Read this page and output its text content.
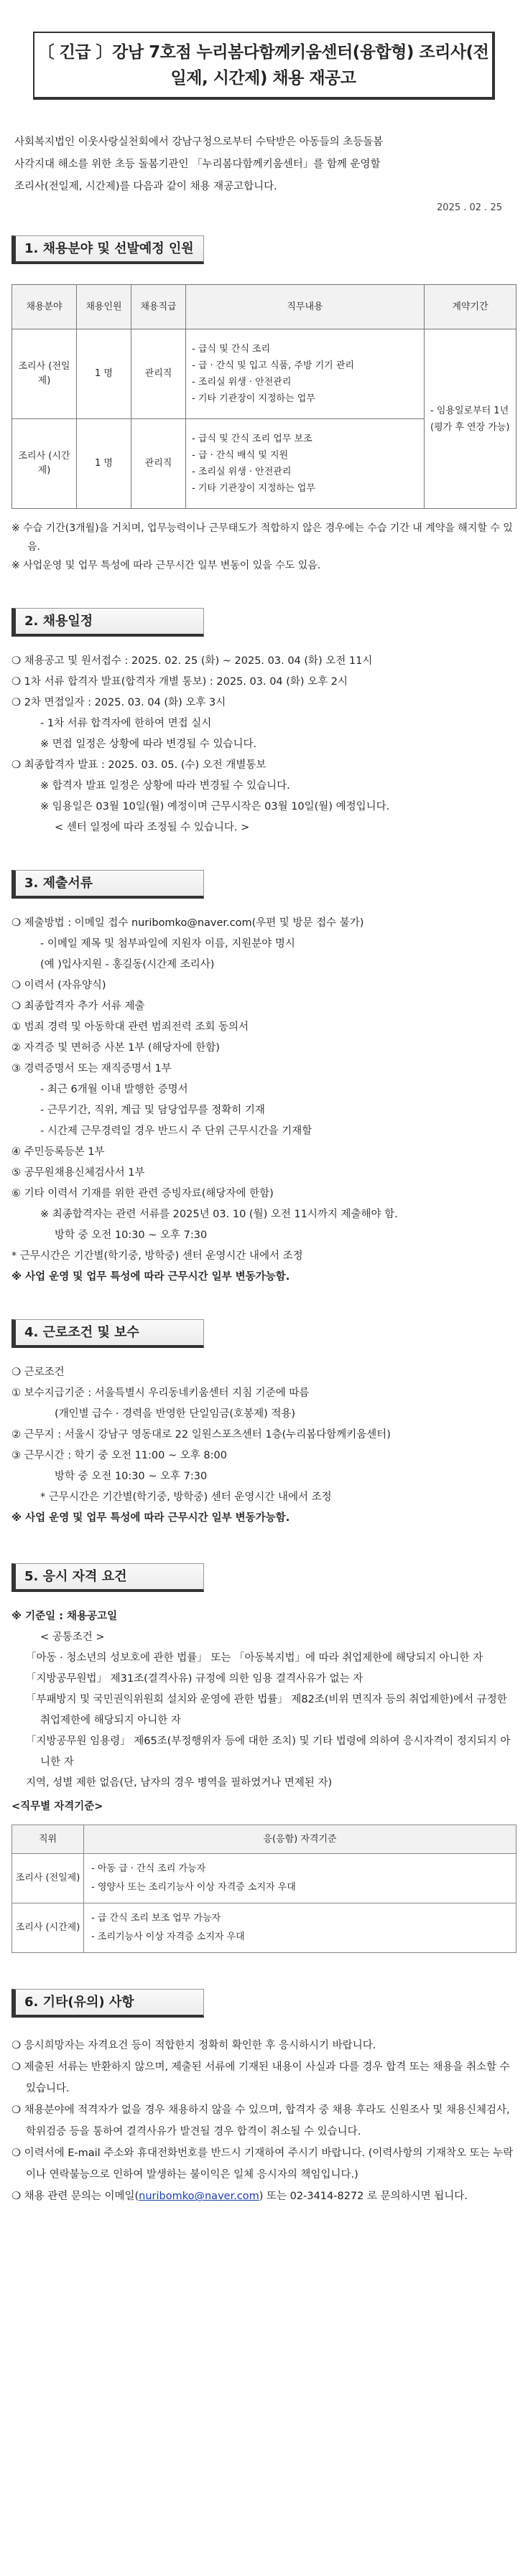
〔 긴급 〕강남 7호점 누리봄다함께키움센터(융합형) 조리사(전일제, 시간제) 채용 재공고
사회복지법인 이웃사랑실천회에서 강남구청으로부터 수탁받은 아동들의 초등돌봄
사각지대 해소를 위한 초등 돌봄기관인 「누리봄다함께키움센터」를 함께 운영할
조리사(전일제, 시간제)를 다음과 같이 채용 재공고합니다.
2025 . 02 . 25
1. 채용분야 및 선발예정 인원
채용분야	채용인원	채용직급	직무내용	계약기간
조리사 (전일제)	1 명	관리직	- 급식 및 간식 조리
- 급 · 간식 및 입고 식품, 주방 기기 관리
- 조리실 위생 · 안전관리
- 기타 기관장이 지정하는 업무	- 임용일로부터 1년 (평가 후 연장 가능)
조리사 (시간제)	1 명	관리직	- 급식 및 간식 조리 업무 보조
- 급 · 간식 배식 및 지원
- 조리실 위생 · 안전관리
- 기타 기관장이 지정하는 업무	
※ 수습 기간(3개월)을 거치며, 업무능력이나 근무태도가 적합하지 않은 경우에는 수습 기간 내 계약을 해지할 수 있음.
※ 사업운영 및 업무 특성에 따라 근무시간 일부 변동이 있을 수도 있음.
2. 채용일정
❍ 채용공고 및 원서접수 : 2025. 02. 25 (화) ~ 2025. 03. 04 (화) 오전 11시
❍ 1차 서류 합격자 발표(합격자 개별 통보) : 2025. 03. 04 (화) 오후 2시
❍ 2차 면접일자 : 2025. 03. 04 (화) 오후 3시
- 1차 서류 합격자에 한하여 면접 실시
※ 면접 일정은 상황에 따라 변경될 수 있습니다.
❍ 최종합격자 발표 : 2025. 03. 05. (수) 오전 개별통보
※ 합격자 발표 일정은 상황에 따라 변경될 수 있습니다.
※ 임용일은 03월 10일(월) 예정이며 근무시작은 03월 10일(월) 예정입니다.
< 센터 일정에 따라 조정될 수 있습니다. >
3. 제출서류
❍ 제출방법 : 이메일 접수 nuribomko@naver.com(우편 및 방문 접수 불가)
- 이메일 제목 및 첨부파일에 지원자 이름, 지원분야 명시
(예 )입사지원 - 홍길동(시간제 조리사)
❍ 이력서 (자유양식)
❍ 최종합격자 추가 서류 제출
① 범죄 경력 및 아동학대 관련 범죄전력 조회 동의서
② 자격증 및 면허증 사본 1부 (해당자에 한함)
③ 경력증명서 또는 재직증명서 1부
- 최근 6개월 이내 발행한 증명서
- 근무기간, 직위, 계급 및 담당업무를 정확히 기재
- 시간제 근무경력일 경우 반드시 주 단위 근무시간을 기재할
④ 주민등록등본 1부
⑤ 공무원채용신체검사서 1부
⑥ 기타 이력서 기재를 위한 관련 증빙자료(해당자에 한함)
※ 최종합격자는 관련 서류를 2025년 03. 10 (월) 오전 11시까지 제출해야 함.
방학 중 오전 10:30 ~ 오후 7:30
* 근무시간은 기간별(학기중, 방학중) 센터 운영시간 내에서 조정
※ 사업 운영 및 업무 특성에 따라 근무시간 일부 변동가능함.
4. 근로조건 및 보수
❍ 근로조건
① 보수지급기준 : 서울특별시 우리동네키움센터 지침 기준에 따름
(개인별 급수 · 경력을 반영한 단일임금(호봉제) 적용)
② 근무지 : 서울시 강남구 영동대로 22 일원스포츠센터 1층(누리봄다함께키움센터)
③ 근무시간 : 학기 중 오전 11:00 ~ 오후 8:00
방학 중 오전 10:30 ~ 오후 7:30
* 근무시간은 기간별(학기중, 방학중) 센터 운영시간 내에서 조정
※ 사업 운영 및 업무 특성에 따라 근무시간 일부 변동가능함.
5. 응시 자격 요건
※ 기준일 : 채용공고일
< 공통조건 >
「아동 · 청소년의 성보호에 관한 법률」 또는 「아동복지법」에 따라 취업제한에 해당되지 아니한 자
「지방공무원법」 제31조(결격사유) 규정에 의한 임용 결격사유가 없는 자
「부패방지 및 국민권익위원회 설치와 운영에 관한 법률」 제82조(비위 면직자 등의 취업제한)에서 규정한 취업제한에 해당되지 아니한 자
「지방공무원 임용령」 제65조(부정행위자 등에 대한 조치) 및 기타 법령에 의하여 응시자격이 정지되지 아니한 자
지역, 성별 제한 없음(단, 남자의 경우 병역을 필하였거나 면제된 자)
<직무별 자격기준>
직위	응(응함) 자격기준
조리사 (전일제)	- 아동 급 · 간식 조리 가능자
- 영양사 또는 조리기능사 이상 자격증 소지자 우대

조리사 (시간제)	- 급 간식 조리 보조 업무 가능자
- 조리기능사 이상 자격증 소지자 우대
6. 기타(유의) 사항
❍ 응시희망자는 자격요건 등이 적합한지 정확히 확인한 후 응시하시기 바랍니다.
❍ 제출된 서류는 반환하지 않으며, 제출된 서류에 기재된 내용이 사실과 다를 경우 합격 또는 채용을 취소할 수 있습니다.
❍ 채용분야에 적격자가 없을 경우 채용하지 않을 수 있으며, 합격자 중 채용 후라도 신원조사 및 채용신체검사, 학위검증 등을 통하여 결격사유가 발견될 경우 합격이 취소될 수 있습니다.
❍ 이력서에 E-mail 주소와 휴대전화번호를 반드시 기재하여 주시기 바랍니다. (이력사항의 기재착오 또는 누락이나 연락불능으로 인하여 발생하는 불이익은 일체 응시자의 책임입니다.)
❍ 채용 관련 문의는 이메일(nuribomko@naver.com) 또는 02-3414-8272 로 문의하시면 됩니다.
